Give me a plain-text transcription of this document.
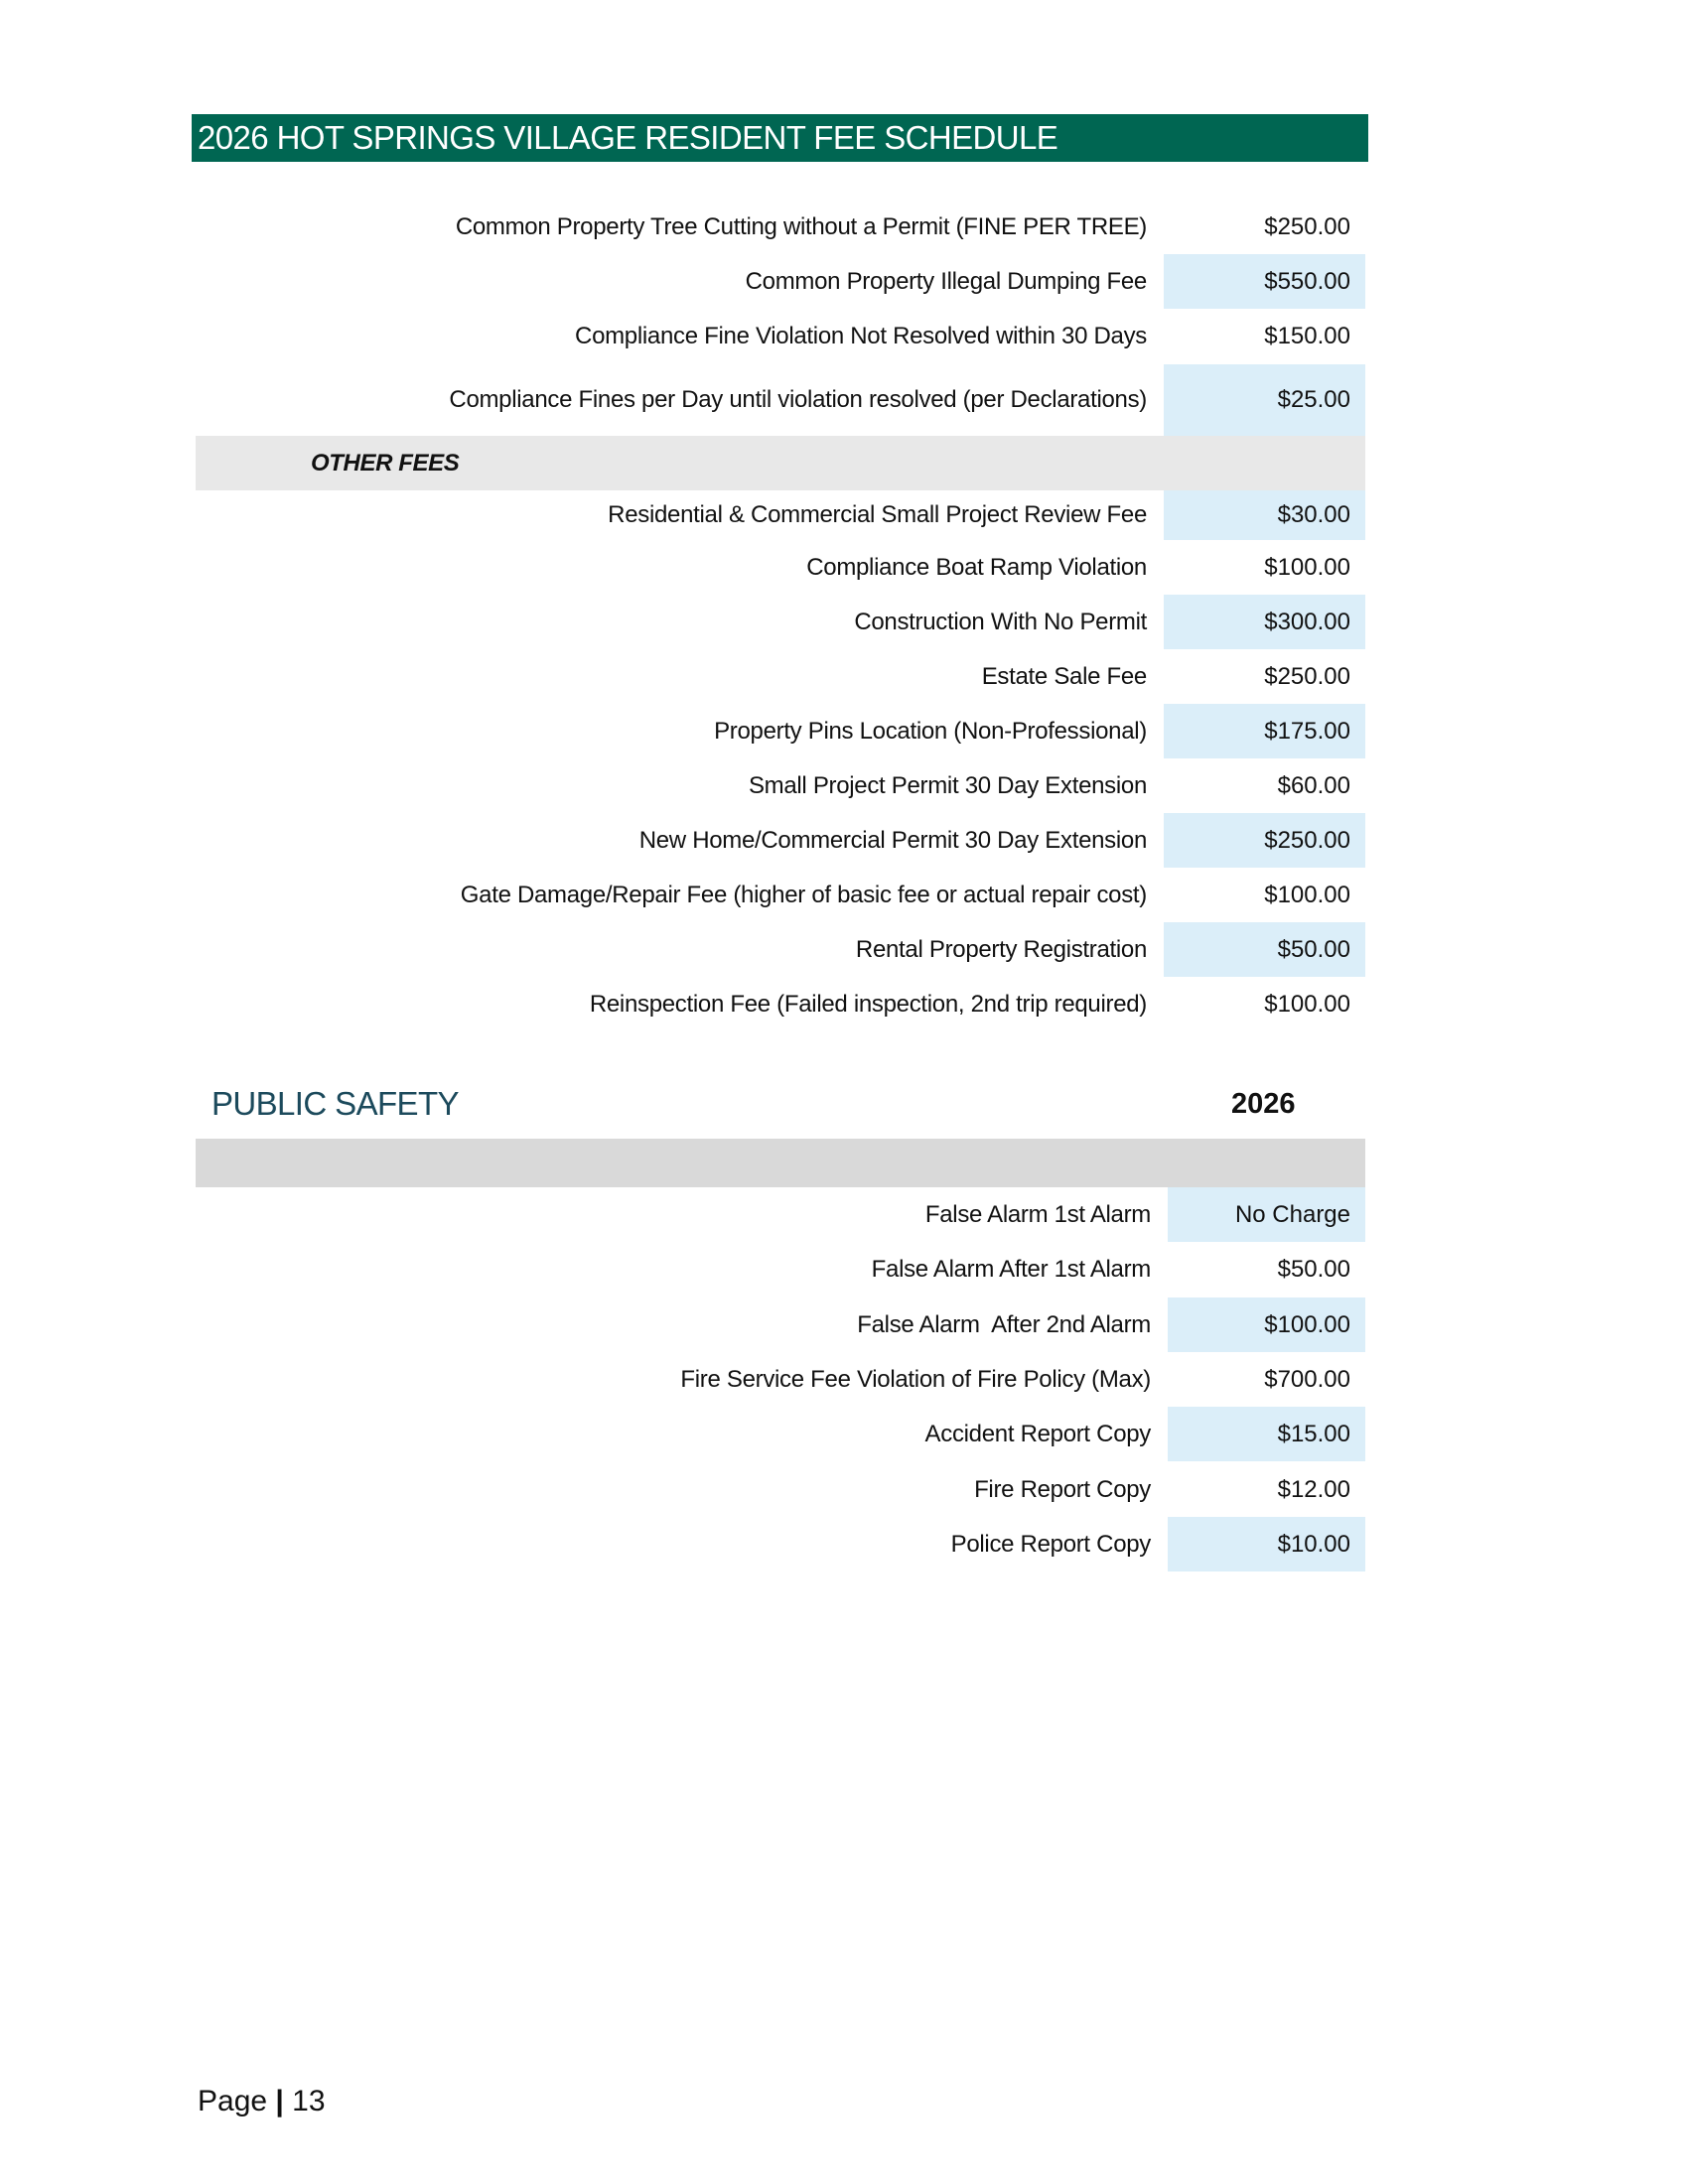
2026 HOT SPRINGS VILLAGE RESIDENT FEE SCHEDULE
Common Property Tree Cutting without a Permit (FINE PER TREE)	$250.00
Common Property Illegal Dumping Fee	$550.00
Compliance Fine Violation Not Resolved within 30 Days	$150.00
Compliance Fines per Day until violation resolved (per Declarations)	$25.00
OTHER FEES
Residential & Commercial Small Project Review Fee	$30.00
Compliance Boat Ramp Violation	$100.00
Construction With No Permit	$300.00
Estate Sale Fee	$250.00
Property Pins Location (Non-Professional)	$175.00
Small Project Permit 30 Day Extension	$60.00
New Home/Commercial Permit 30 Day Extension	$250.00
Gate Damage/Repair Fee (higher of basic fee or actual repair cost)	$100.00
Rental Property Registration	$50.00
Reinspection Fee (Failed inspection, 2nd trip required)	$100.00
PUBLIC SAFETY	2026
False Alarm 1st Alarm	No Charge
False Alarm After 1st Alarm	$50.00
False Alarm  After 2nd Alarm	$100.00
Fire Service Fee Violation of Fire Policy (Max)	$700.00
Accident Report Copy	$15.00
Fire Report Copy	$12.00
Police Report Copy	$10.00
Page | 13
